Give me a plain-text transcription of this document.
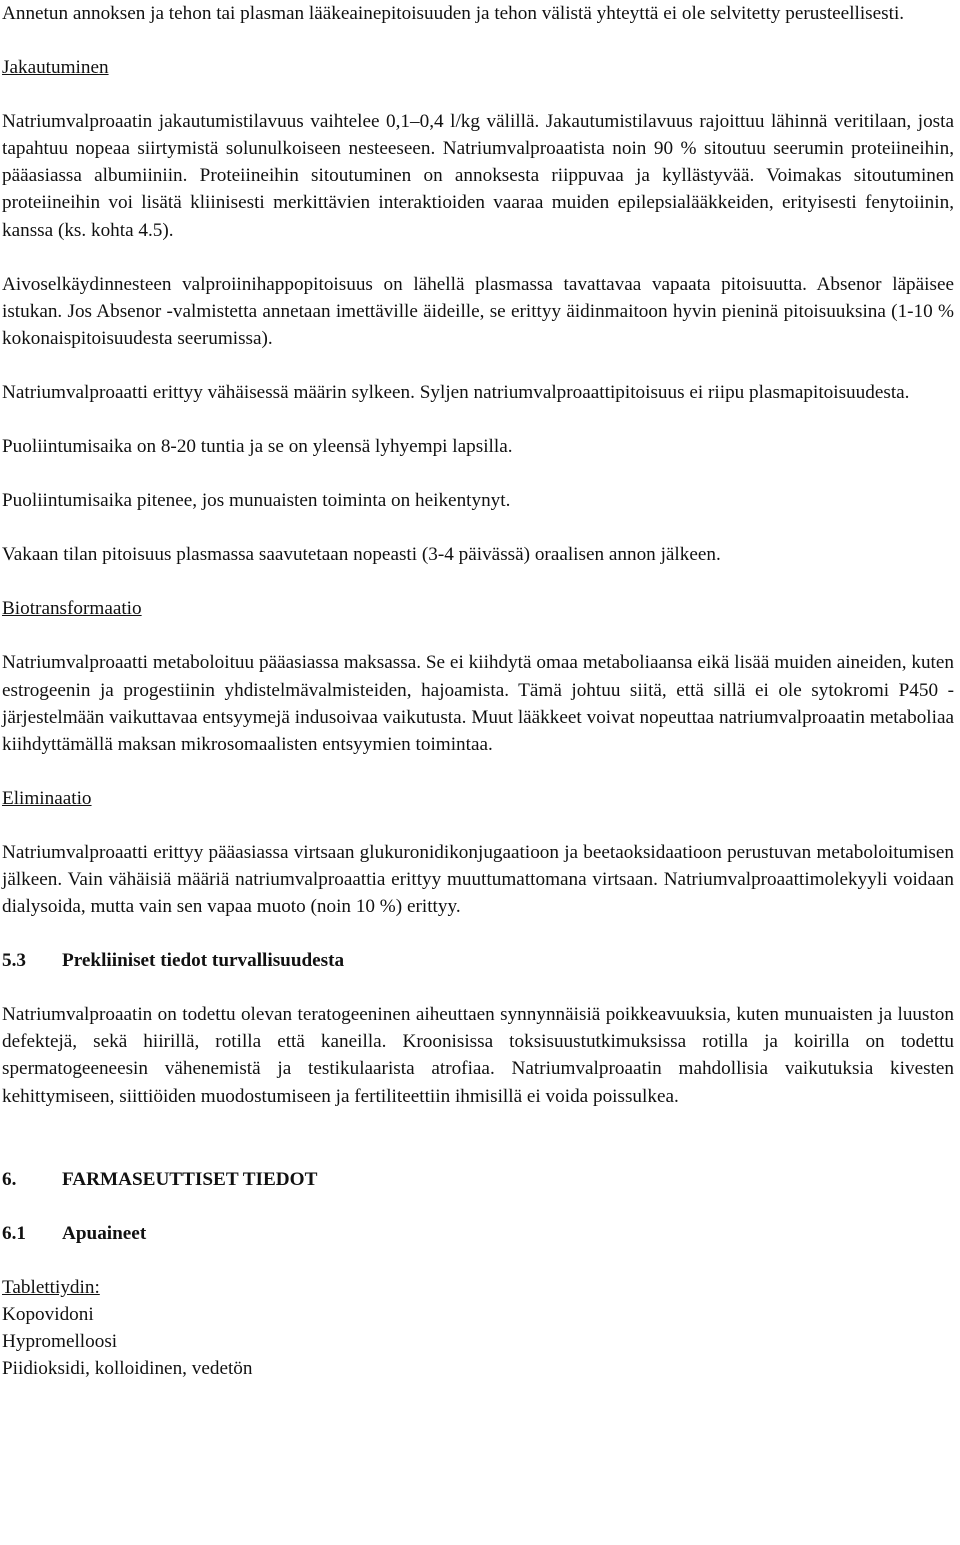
Annetun annoksen ja tehon tai plasman lääkeainepitoisuuden ja tehon välistä yhteyttä ei ole selvitetty perusteellisesti.

Jakautuminen

Natriumvalproaatin jakautumistilavuus vaihtelee 0,1–0,4 l/kg välillä. Jakautumistilavuus rajoittuu lähinnä veritilaan, josta tapahtuu nopeaa siirtymistä solunulkoiseen nesteeseen. Natriumvalproaatista noin 90 % sitoutuu seerumin proteiineihin, pääasiassa albumiiniin. Proteiineihin sitoutuminen on annoksesta riippuvaa ja kyllästyvää. Voimakas sitoutuminen proteiineihin voi lisätä kliinisesti merkittävien interaktioiden vaaraa muiden epilepsialääkkeiden, erityisesti fenytoiinin, kanssa (ks. kohta 4.5).

Aivoselkäydinnesteen valproiinihappopitoisuus on lähellä plasmassa tavattavaa vapaata pitoisuutta. Absenor läpäisee istukan. Jos Absenor -valmistetta annetaan imettäville äideille, se erittyy äidinmaitoon hyvin pieninä pitoisuuksina (1-10 % kokonaispitoisuudesta seerumissa).

Natriumvalproaatti erittyy vähäisessä määrin sylkeen. Syljen natriumvalproaattipitoisuus ei riipu plasmapitoisuudesta.

Puoliintumisaika on 8-20 tuntia ja se on yleensä lyhyempi lapsilla.

Puoliintumisaika pitenee, jos munuaisten toiminta on heikentynyt.

Vakaan tilan pitoisuus plasmassa saavutetaan nopeasti (3-4 päivässä) oraalisen annon jälkeen.

Biotransformaatio

Natriumvalproaatti metaboloituu pääasiassa maksassa. Se ei kiihdytä omaa metaboliaansa eikä lisää muiden aineiden, kuten estrogeenin ja progestiinin yhdistelmävalmisteiden, hajoamista. Tämä johtuu siitä, että sillä ei ole sytokromi P450 -järjestelmään vaikuttavaa entsyymejä indusoivaa vaikutusta. Muut lääkkeet voivat nopeuttaa natriumvalproaatin metaboliaa kiihdyttämällä maksan mikrosomaalisten entsyymien toimintaa.

Eliminaatio

Natriumvalproaatti erittyy pääasiassa virtsaan glukuronidikonjugaatioon ja beetaoksidaatioon perustuvan metaboloitumisen jälkeen. Vain vähäisiä määriä natriumvalproaattia erittyy muuttumattomana virtsaan. Natriumvalproaattimolekyyli voidaan dialysoida, mutta vain sen vapaa muoto (noin 10 %) erittyy.

5.3 Prekliiniset tiedot turvallisuudesta

Natriumvalproaatin on todettu olevan teratogeeninen aiheuttaen synnynnäisiä poikkeavuuksia, kuten munuaisten ja luuston defektejä, sekä hiirillä, rotilla että kaneilla. Kroonisissa toksisuustutkimuksissa rotilla ja koirilla on todettu spermatogeeneesin vähenemistä ja testikulaarista atrofiaa. Natriumvalproaatin mahdollisia vaikutuksia kivesten kehittymiseen, siittiöiden muodostumiseen ja fertiliteettiin ihmisillä ei voida poissulkea.

6. FARMASEUTTISET TIEDOT

6.1 Apuaineet

Tablettiydin:

Kopovidoni

Hypromelloosi

Piidioksidi, kolloidinen, vedetön
